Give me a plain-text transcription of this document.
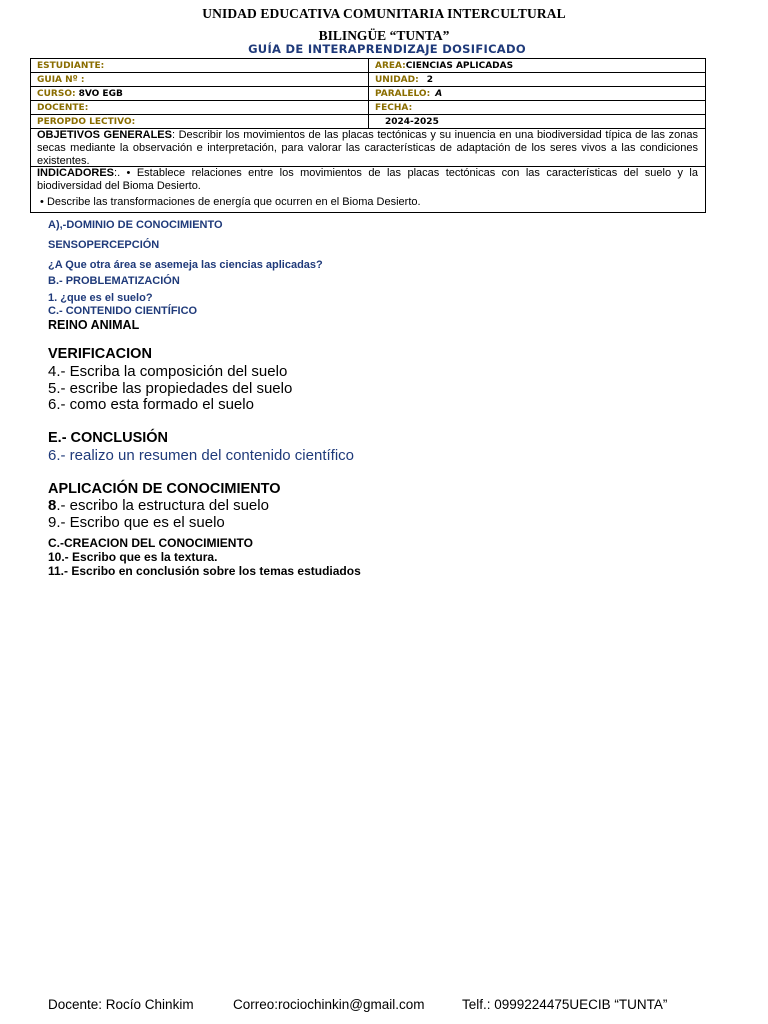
UNIDAD EDUCATIVA COMUNITARIA INTERCULTURAL
BILINGÜE “TUNTA”
GUÍA DE INTERAPRENDIZAJE DOSIFICADO
ESTUDIANTE:	AREA:CIENCIAS APLICADAS
GUIA Nº :	UNIDAD: 2
CURSO: 8VO EGB	PARALELO: A
DOCENTE:	FECHA:
PEROPDO LECTIVO:	2024-2025
OBJETIVOS GENERALES: Describir los movimientos de las placas tectónicas y su inuencia en una biodiversidad típica de las zonas secas mediante la observación e interpretación, para valorar las características de adaptación de los seres vivos a las condiciones existentes.
INDICADORES:. • Establece relaciones entre los movimientos de las placas tectónicas con las características del suelo y la biodiversidad del Bioma Desierto.
• Describe las transformaciones de energía que ocurren en el Bioma Desierto.
A),-DOMINIO DE CONOCIMIENTO
SENSOPERCEPCIÓN
¿A Que otra área se asemeja las ciencias aplicadas?
B.- PROBLEMATIZACIÓN
1. ¿que es el suelo?
C.- CONTENIDO CIENTÍFICO
REINO ANIMAL
VERIFICACION
4.- Escriba la composición del suelo
5.- escribe las propiedades del suelo
6.- como esta formado el suelo
E.- CONCLUSIÓN
6.- realizo un resumen del contenido científico
APLICACIÓN DE CONOCIMIENTO
8.- escribo la estructura del suelo
9.- Escribo que es el suelo
C.-CREACION DEL CONOCIMIENTO
10.- Escribo que es la textura.
11.- Escribo en conclusión sobre los temas estudiados
Docente: Rocío Chinkim	Correo:rociochinkin@gmail.com	Telf.: 0999224475UECIB “TUNTA”
